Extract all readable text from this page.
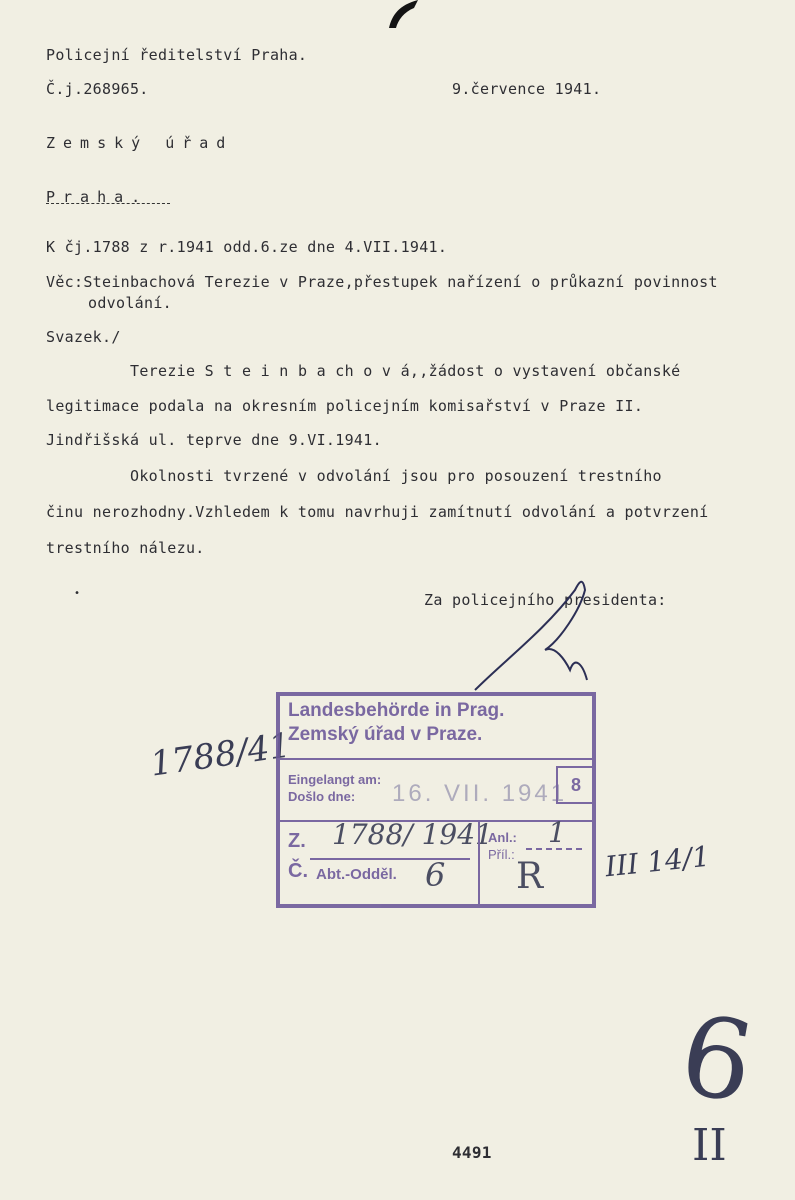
Policejní ředitelství Praha.
Č.j.268965.	9.července 1941.
Zemský úřad
Praha.
K čj.1788 z r.1941 odd.6.ze dne 4.VII.1941.
Věc:Steinbachová Terezie v Praze,přestupek nařízení o průkazní povinnost
odvolání.
Svazek./
Terezie S t e i n b a ch o v á,,žádost o vystavení občanské
legitimace podala na okresním policejním komisařství v Praze II.
Jindřišská ul. teprve dne 9.VI.1941.
Okolnosti tvrzené v odvolání jsou pro posouzení trestního
činu nerozhodny.Vzhledem k tomu navrhuji zamítnutí odvolání a potvrzení
trestního nálezu.
Za policejního presidenta:
1788/41
Landesbehörde in Prag.
Zemský úřad v Praze.
Eingelangt am:
Došlo dne: 16. VII. 1941 8
Z. 1788/ 1941
Č. Abt.-Odděl. 6
Anl.:
Příl.:
1
R III 14/1
6
II
4491
•
